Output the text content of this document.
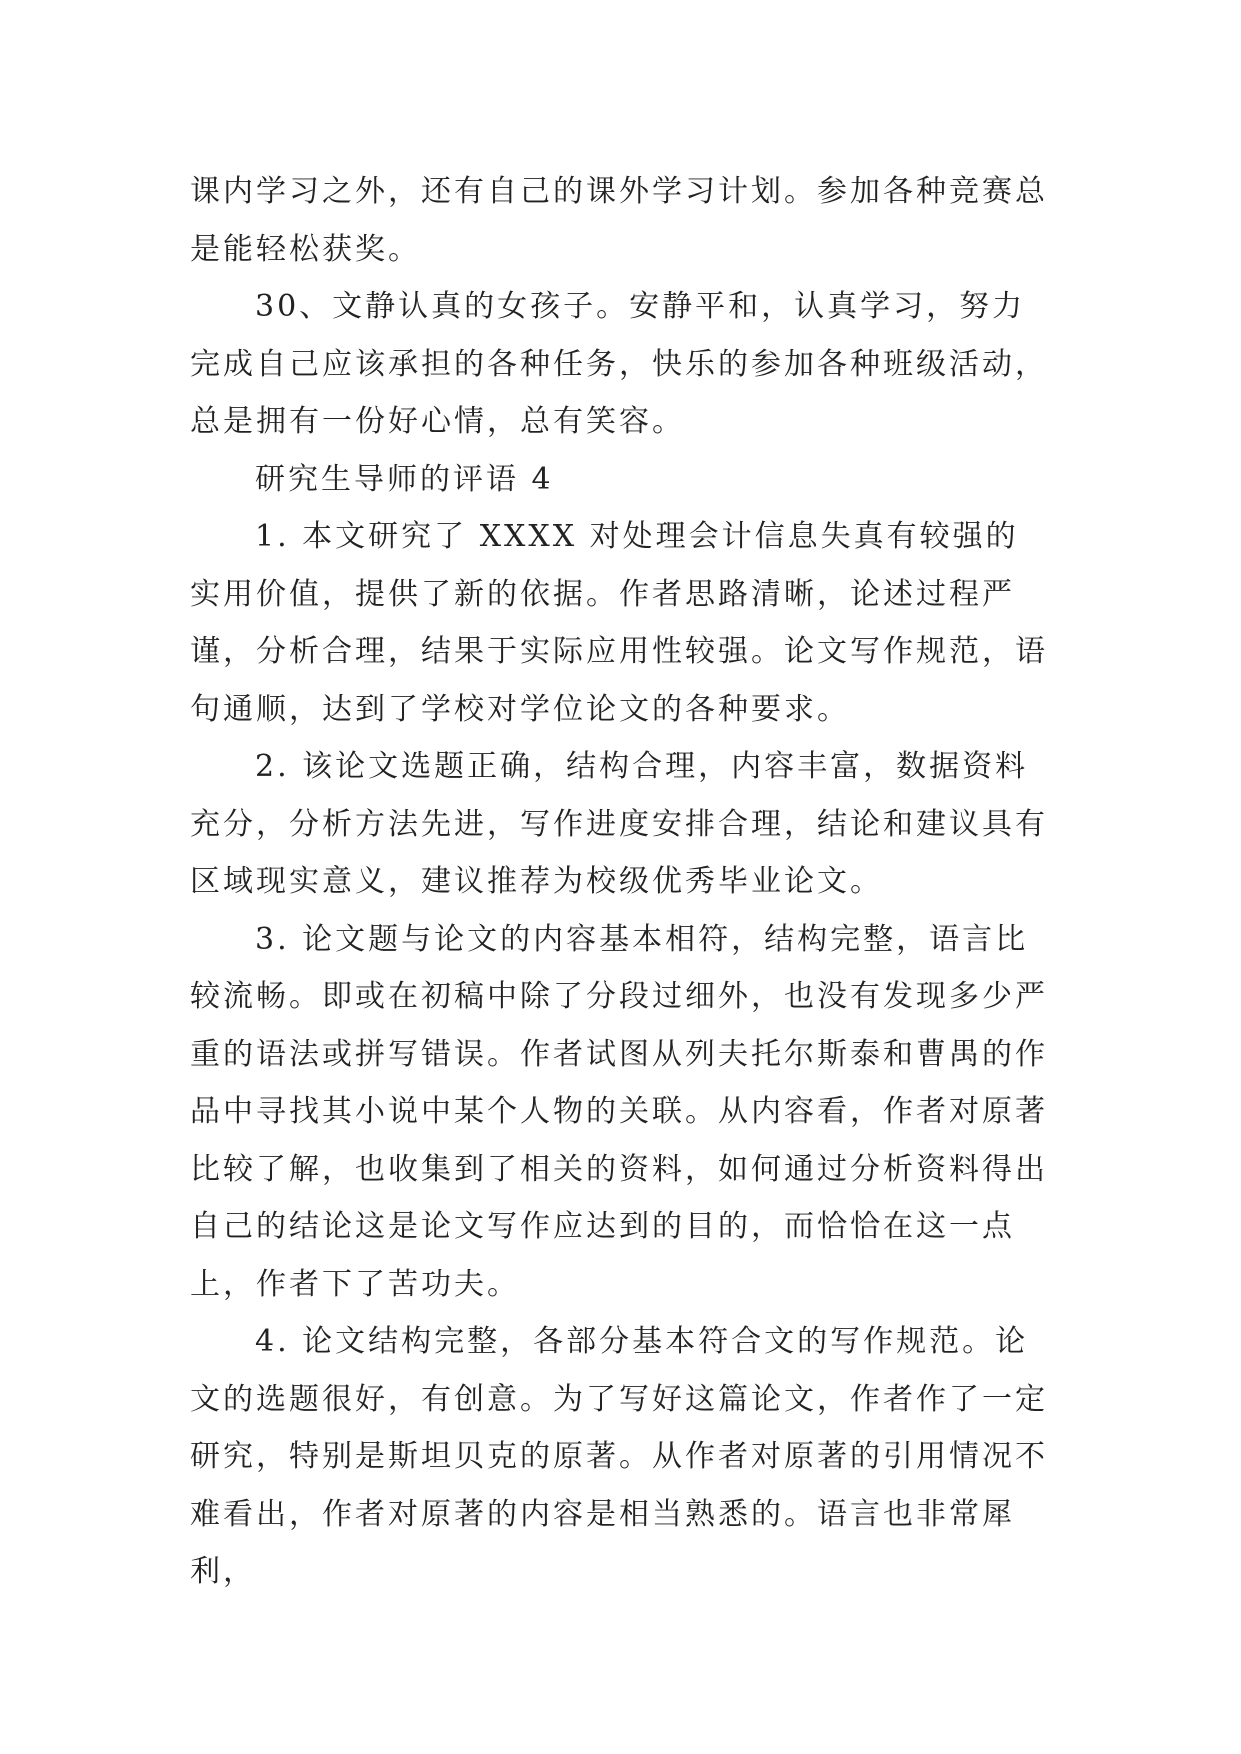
课内学习之外，还有自己的课外学习计划。参加各种竞赛总是能轻松获奖。

30、文静认真的女孩子。安静平和，认真学习，努力完成自己应该承担的各种任务，快乐的参加各种班级活动，总是拥有一份好心情，总有笑容。

研究生导师的评语 4

1. 本文研究了 XXXX 对处理会计信息失真有较强的实用价值，提供了新的依据。作者思路清晰，论述过程严谨，分析合理，结果于实际应用性较强。论文写作规范，语句通顺，达到了学校对学位论文的各种要求。

2. 该论文选题正确，结构合理，内容丰富，数据资料充分，分析方法先进，写作进度安排合理，结论和建议具有区域现实意义，建议推荐为校级优秀毕业论文。

3. 论文题与论文的内容基本相符，结构完整，语言比较流畅。即或在初稿中除了分段过细外，也没有发现多少严重的语法或拼写错误。作者试图从列夫托尔斯泰和曹禺的作品中寻找其小说中某个人物的关联。从内容看，作者对原著比较了解，也收集到了相关的资料，如何通过分析资料得出自己的结论这是论文写作应达到的目的，而恰恰在这一点上，作者下了苦功夫。

4. 论文结构完整，各部分基本符合文的写作规范。论文的选题很好，有创意。为了写好这篇论文，作者作了一定研究，特别是斯坦贝克的原著。从作者对原著的引用情况不难看出，作者对原著的内容是相当熟悉的。语言也非常犀利，
